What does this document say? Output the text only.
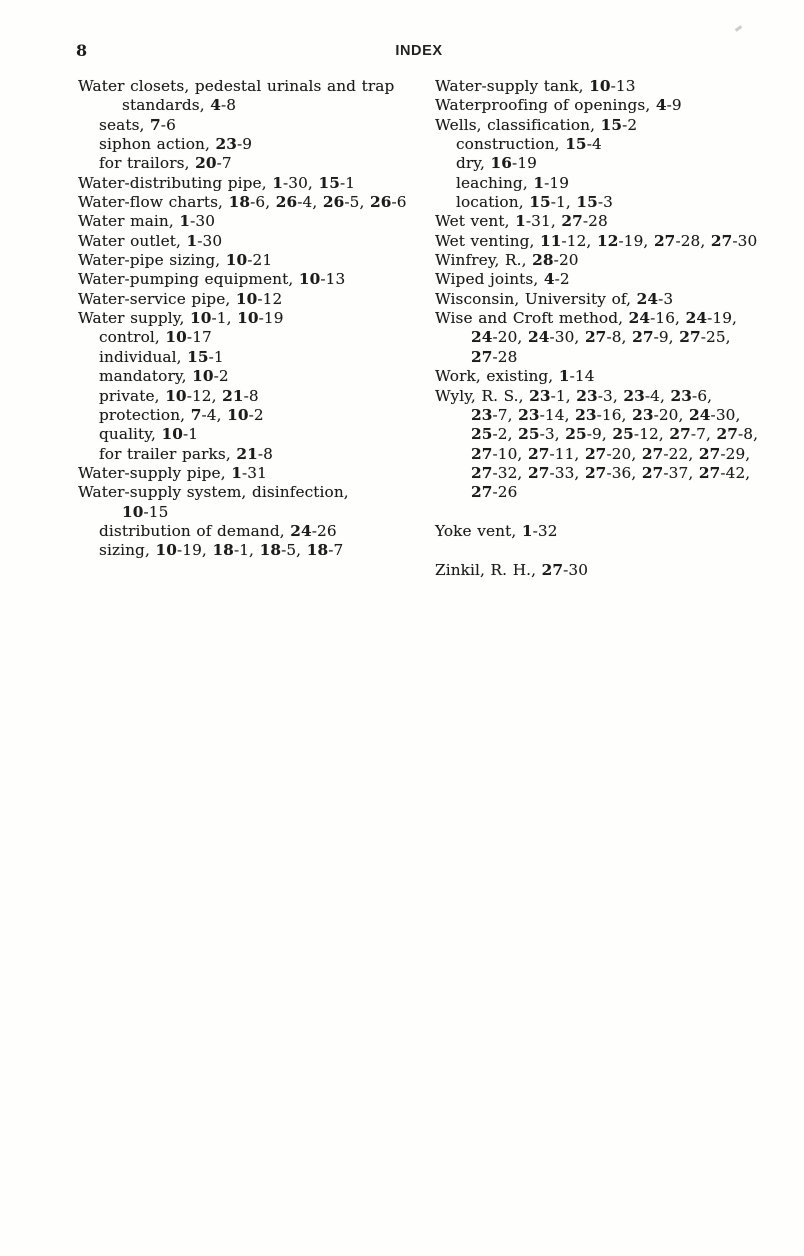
8	INDEX
Water closets, pedestal urinals and trap
standards, 4-8
seats, 7-6
siphon action, 23-9
for trailors, 20-7
Water-distributing pipe, 1-30, 15-1
Water-flow charts, 18-6, 26-4, 26-5, 26-6
Water main, 1-30
Water outlet, 1-30
Water-pipe sizing, 10-21
Water-pumping equipment, 10-13
Water-service pipe, 10-12
Water supply, 10-1, 10-19
control, 10-17
individual, 15-1
mandatory, 10-2
private, 10-12, 21-8
protection, 7-4, 10-2
quality, 10-1
for trailer parks, 21-8
Water-supply pipe, 1-31
Water-supply system, disinfection,
10-15
distribution of demand, 24-26
sizing, 10-19, 18-1, 18-5, 18-7
Water-supply tank, 10-13
Waterproofing of openings, 4-9
Wells, classification, 15-2
construction, 15-4
dry, 16-19
leaching, 1-19
location, 15-1, 15-3
Wet vent, 1-31, 27-28
Wet venting, 11-12, 12-19, 27-28, 27-30
Winfrey, R., 28-20
Wiped joints, 4-2
Wisconsin, University of, 24-3
Wise and Croft method, 24-16, 24-19,
24-20, 24-30, 27-8, 27-9, 27-25,
27-28
Work, existing, 1-14
Wyly, R. S., 23-1, 23-3, 23-4, 23-6,
23-7, 23-14, 23-16, 23-20, 24-30,
25-2, 25-3, 25-9, 25-12, 27-7, 27-8,
27-10, 27-11, 27-20, 27-22, 27-29,
27-32, 27-33, 27-36, 27-37, 27-42,
27-26

Yoke vent, 1-32

Zinkil, R. H., 27-30
